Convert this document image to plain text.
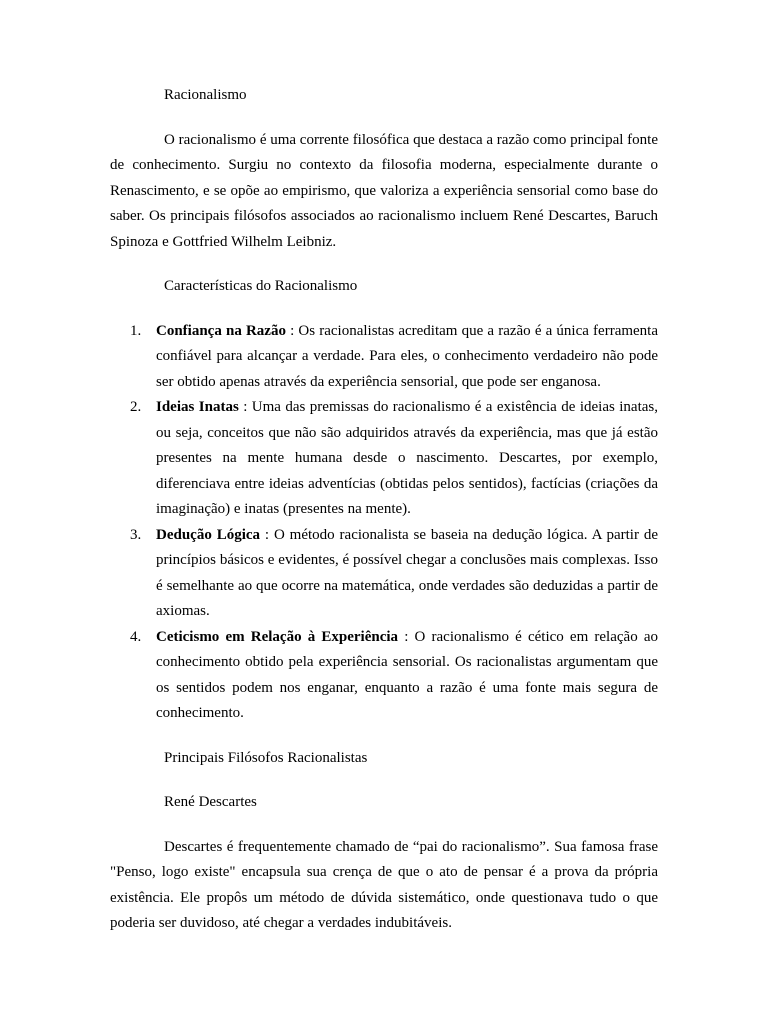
Racionalismo

O racionalismo é uma corrente filosófica que destaca a razão como principal fonte de conhecimento. Surgiu no contexto da filosofia moderna, especialmente durante o Renascimento, e se opõe ao empirismo, que valoriza a experiência sensorial como base do saber. Os principais filósofos associados ao racionalismo incluem René Descartes, Baruch Spinoza e Gottfried Wilhelm Leibniz.

Características do Racionalismo

1. Confiança na Razão : Os racionalistas acreditam que a razão é a única ferramenta confiável para alcançar a verdade. Para eles, o conhecimento verdadeiro não pode ser obtido apenas através da experiência sensorial, que pode ser enganosa.
2. Ideias Inatas : Uma das premissas do racionalismo é a existência de ideias inatas, ou seja, conceitos que não são adquiridos através da experiência, mas que já estão presentes na mente humana desde o nascimento. Descartes, por exemplo, diferenciava entre ideias adventícias (obtidas pelos sentidos), factícias (criações da imaginação) e inatas (presentes na mente).
3. Dedução Lógica : O método racionalista se baseia na dedução lógica. A partir de princípios básicos e evidentes, é possível chegar a conclusões mais complexas. Isso é semelhante ao que ocorre na matemática, onde verdades são deduzidas a partir de axiomas.
4. Ceticismo em Relação à Experiência : O racionalismo é cético em relação ao conhecimento obtido pela experiência sensorial. Os racionalistas argumentam que os sentidos podem nos enganar, enquanto a razão é uma fonte mais segura de conhecimento.

Principais Filósofos Racionalistas

René Descartes

Descartes é frequentemente chamado de “pai do racionalismo”. Sua famosa frase "Penso, logo existe" encapsula sua crença de que o ato de pensar é a prova da própria existência. Ele propôs um método de dúvida sistemático, onde questionava tudo o que poderia ser duvidoso, até chegar a verdades indubitáveis.
